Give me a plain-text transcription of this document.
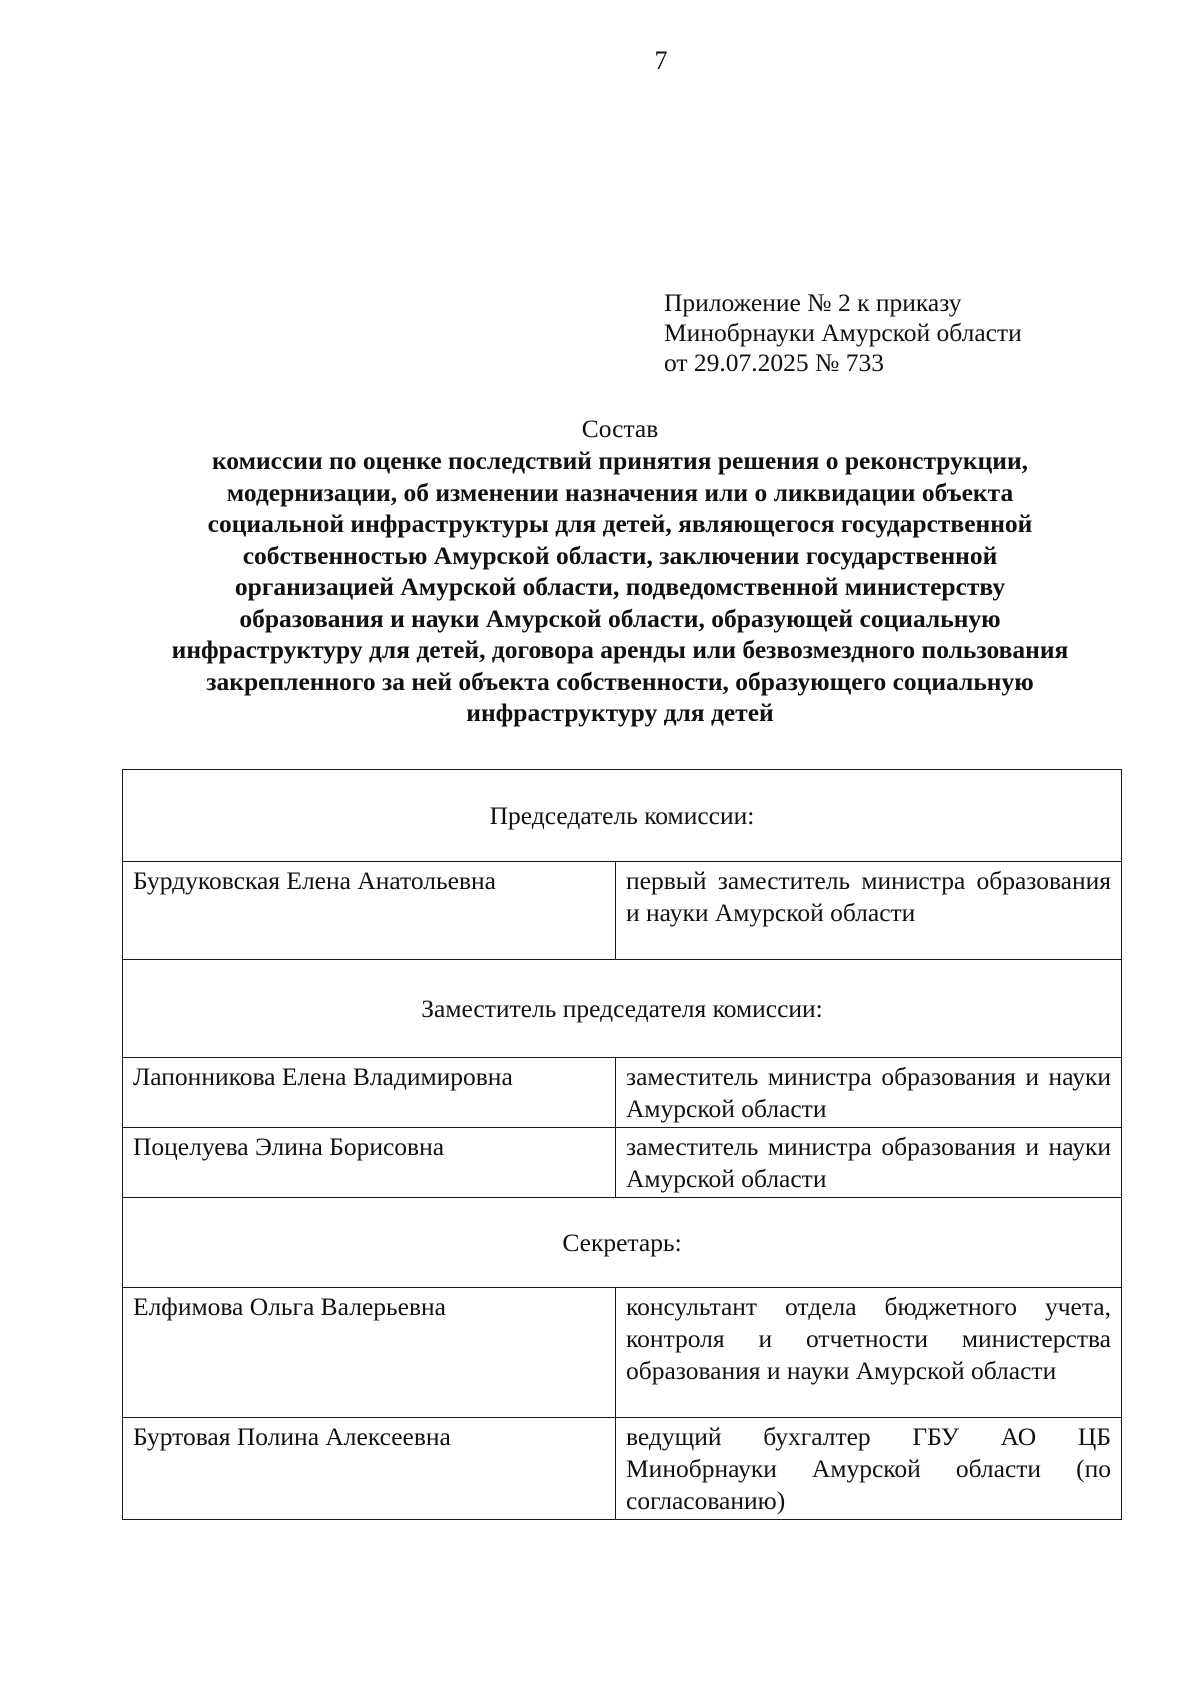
7
Приложение № 2 к приказу
Минобрнауки Амурской области
от 29.07.2025 № 733
Состав
комиссии по оценке последствий принятия решения о реконструкции,
модернизации, об изменении назначения или о ликвидации объекта
социальной инфраструктуры для детей, являющегося государственной
собственностью Амурской области, заключении государственной
организацией Амурской области, подведомственной министерству
образования и науки Амурской области, образующей социальную
инфраструктуру для детей, договора аренды или безвозмездного пользования
закрепленного за ней объекта собственности, образующего социальную
инфраструктуру для детей
Председатель комиссии:	
Бурдуковская Елена Анатольевна	первый заместитель министра образования и науки Амурской области
Заместитель председателя комиссии:	
Лапонникова Елена Владимировна	заместитель министра образования и науки Амурской области
Поцелуева Элина Борисовна	заместитель министра образования и науки Амурской области
Секретарь:	
Елфимова Ольга Валерьевна	консультант отдела бюджетного учета, контроля и отчетности министерства образования и науки Амурской области
Буртовая Полина Алексеевна	ведущий бухгалтер ГБУ АО ЦБ Минобрнауки Амурской области (по согласованию)
